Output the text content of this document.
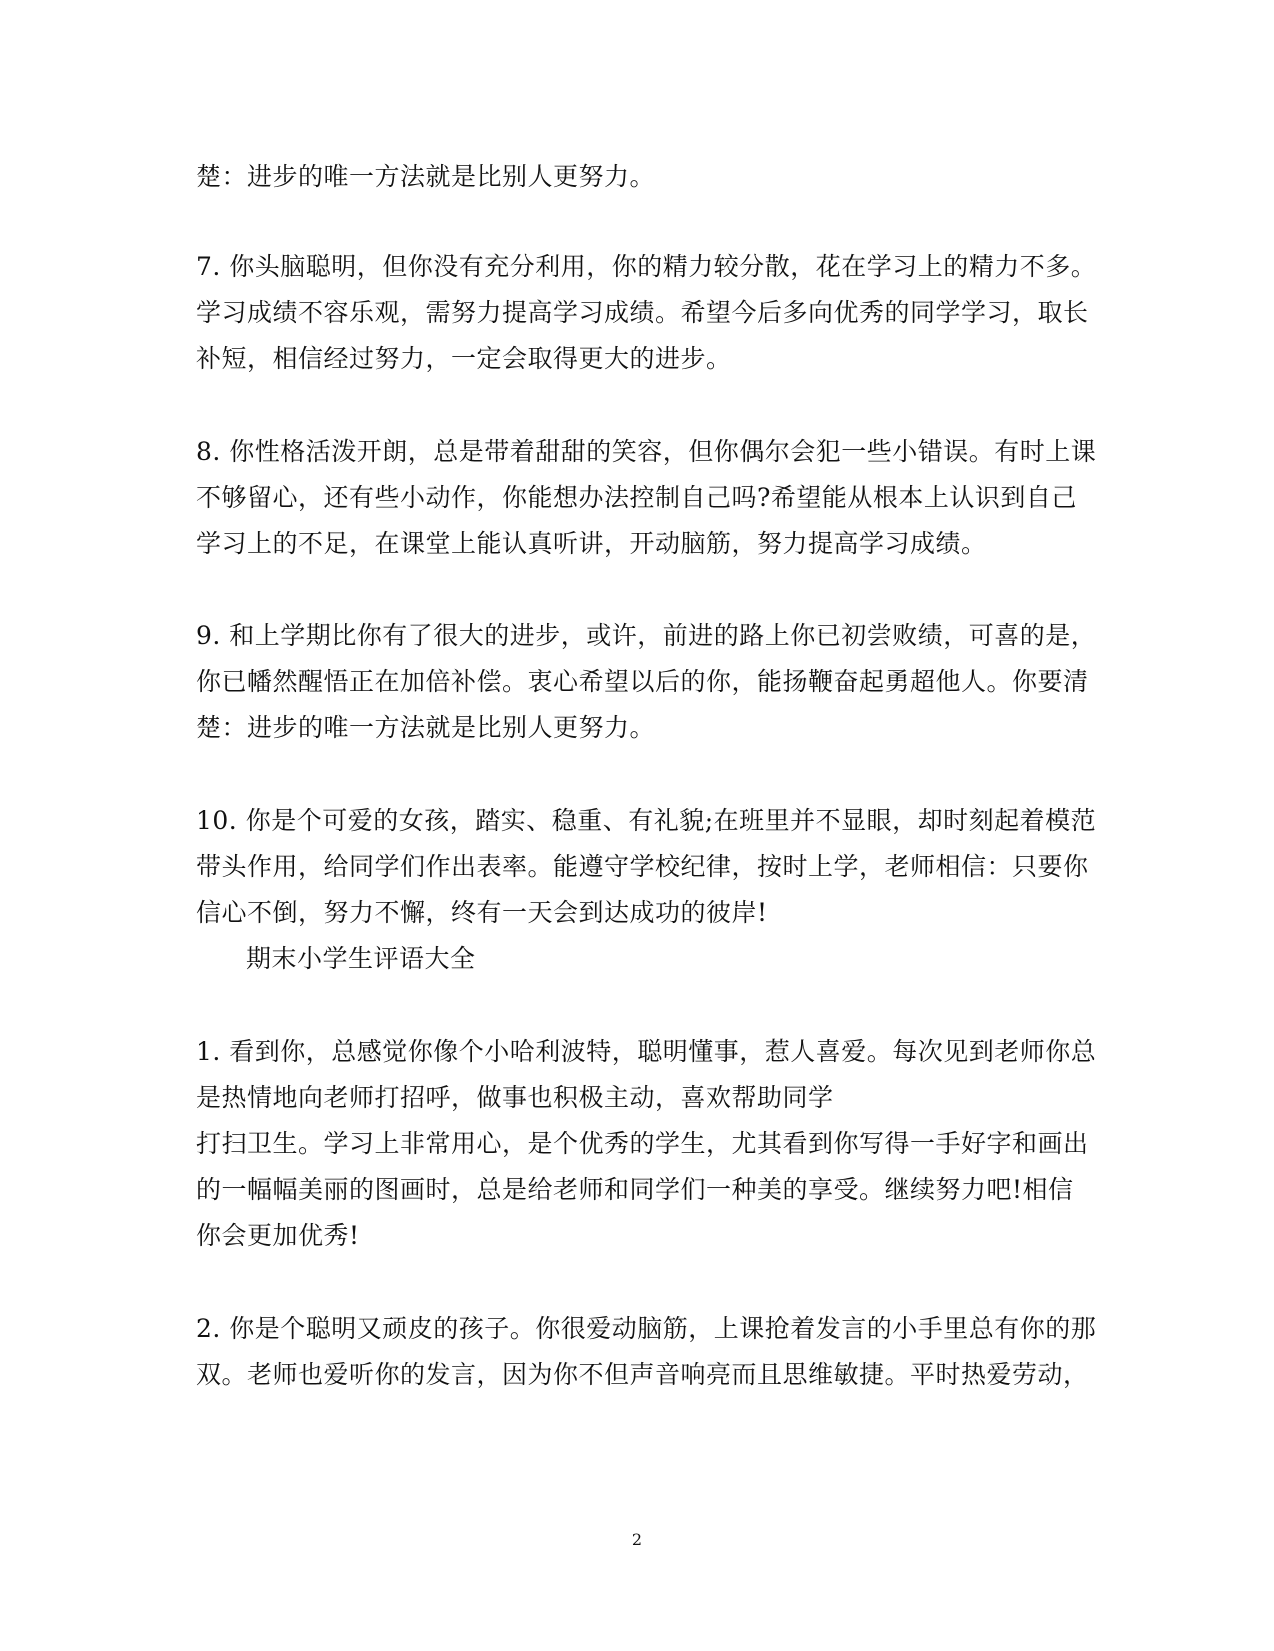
楚：进步的唯一方法就是比别人更努力。
7. 你头脑聪明，但你没有充分利用，你的精力较分散，花在学习上的精力不多。
学习成绩不容乐观，需努力提高学习成绩。希望今后多向优秀的同学学习，取长
补短，相信经过努力，一定会取得更大的进步。
8. 你性格活泼开朗，总是带着甜甜的笑容，但你偶尔会犯一些小错误。有时上课
不够留心，还有些小动作，你能想办法控制自己吗?希望能从根本上认识到自己
学习上的不足，在课堂上能认真听讲，开动脑筋，努力提高学习成绩。
9. 和上学期比你有了很大的进步，或许，前进的路上你已初尝败绩，可喜的是，
你已幡然醒悟正在加倍补偿。衷心希望以后的你，能扬鞭奋起勇超他人。你要清
楚：进步的唯一方法就是比别人更努力。
10. 你是个可爱的女孩，踏实、稳重、有礼貌;在班里并不显眼，却时刻起着模范
带头作用，给同学们作出表率。能遵守学校纪律，按时上学，老师相信：只要你
信心不倒，努力不懈，终有一天会到达成功的彼岸!
期末小学生评语大全
1. 看到你，总感觉你像个小哈利波特，聪明懂事，惹人喜爱。每次见到老师你总
是热情地向老师打招呼，做事也积极主动，喜欢帮助同学
打扫卫生。学习上非常用心，是个优秀的学生，尤其看到你写得一手好字和画出
的一幅幅美丽的图画时，总是给老师和同学们一种美的享受。继续努力吧!相信
你会更加优秀!
2. 你是个聪明又顽皮的孩子。你很爱动脑筋，上课抢着发言的小手里总有你的那
双。老师也爱听你的发言，因为你不但声音响亮而且思维敏捷。平时热爱劳动，
2
